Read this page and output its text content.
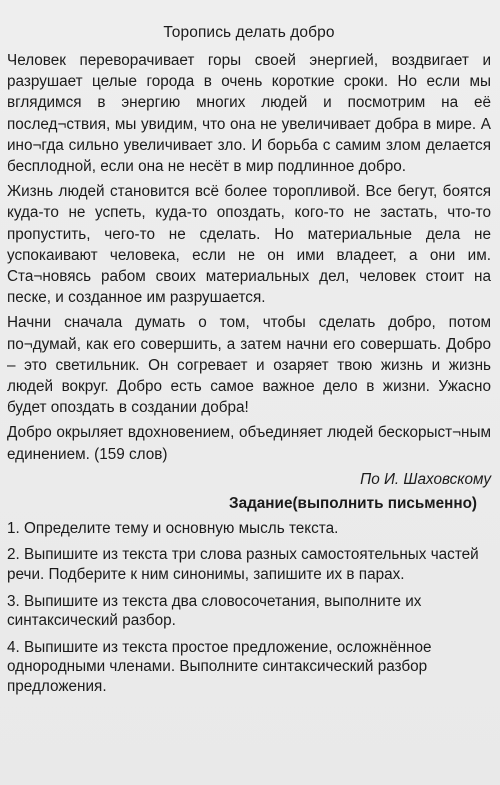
Торопись делать добро

Человек переворачивает горы своей энергией, воздвигает и разрушает целые города в очень короткие сроки. Но если мы вглядимся в энергию многих людей и посмотрим на её послед¬ствия, мы увидим, что она не увеличивает добра в мире. А ино¬гда сильно увеличивает зло. И борьба с самим злом делается бесплодной, если она не несёт в мир подлинное добро.

Жизнь людей становится всё более торопливой. Все бегут, боятся куда-то не успеть, куда-то опоздать, кого-то не застать, что-то пропустить, чего-то не сделать. Но материальные дела не успокаивают человека, если не он ими владеет, а они им. Ста¬новясь рабом своих материальных дел, человек стоит на песке, и созданное им разрушается.

Начни сначала думать о том, чтобы сделать добро, потом по¬думай, как его совершить, а затем начни его совершать. Добро – это светильник. Он согревает и озаряет твою жизнь и жизнь людей вокруг. Добро есть самое важное дело в жизни. Ужасно будет опоздать в создании добра!

Добро окрыляет вдохновением, объединяет людей бескорыст¬ным единением. (159 слов)

По И. Шаховскому
Задание(выполнить письменно)

1. Определите тему и основную мысль текста.

2. Выпишите из текста три слова разных самостоятельных частей речи. Подберите к ним синонимы, запишите их в парах.

3. Выпишите из текста два словосочетания, выполните их синтаксический разбор.

4. Выпишите из текста простое предложение, осложнённое однородными членами. Выполните синтаксический разбор предложения.
